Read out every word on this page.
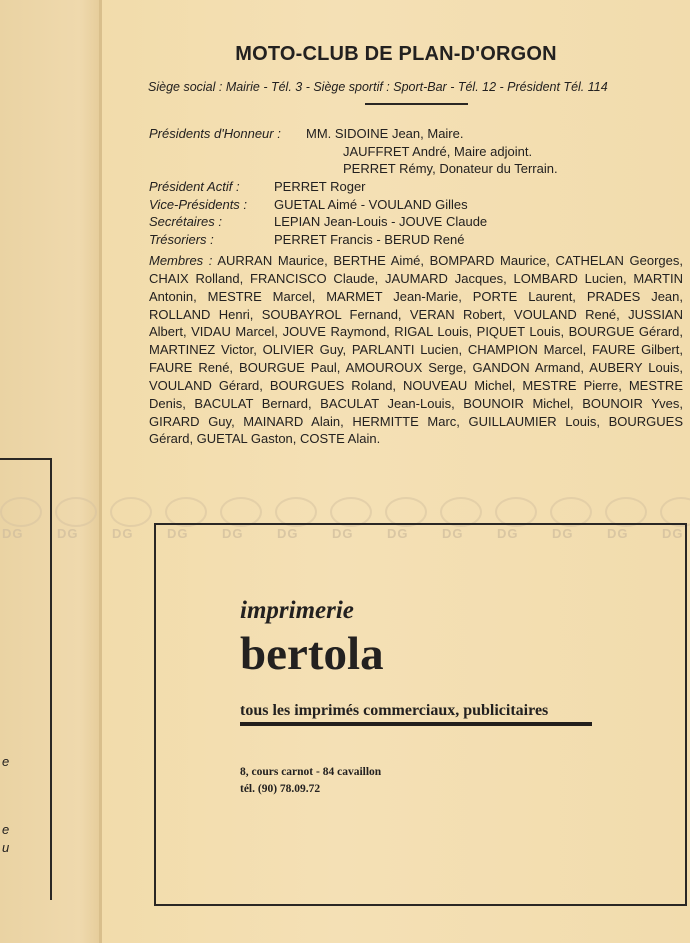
e
e
u
MOTO-CLUB DE PLAN-D'ORGON
Siège social : Mairie - Tél. 3 - Siège sportif : Sport-Bar - Tél. 12 - Président Tél. 114
Présidents d'Honneur : MM. SIDOINE Jean, Maire.
JAUFFRET André, Maire adjoint.
PERRET Rémy, Donateur du Terrain.
Président Actif :	PERRET Roger
Vice-Présidents : GUETAL Aimé - VOULAND Gilles
Secrétaires :	LEPIAN Jean-Louis - JOUVE Claude
Trésoriers :	PERRET Francis - BERUD René
Membres : AURRAN Maurice, BERTHE Aimé, BOMPARD Maurice, CATHELAN Georges, CHAIX Rolland, FRANCISCO Claude, JAUMARD Jacques, LOMBARD Lucien, MARTIN Antonin, MESTRE Marcel, MARMET Jean-Marie, PORTE Laurent, PRADES Jean, ROLLAND Henri, SOUBAYROL Fernand, VERAN Robert, VOULAND René, JUSSIAN Albert, VIDAU Marcel, JOUVE Raymond, RIGAL Louis, PIQUET Louis, BOURGUE Gérard, MARTINEZ Victor, OLIVIER Guy, PARLANTI Lucien, CHAMPION Marcel, FAURE Gilbert, FAURE René, BOURGUE Paul, AMOUROUX Serge, GANDON Armand, AUBERY Louis, VOULAND Gérard, BOURGUES Roland, NOUVEAU Michel, MESTRE Pierre, MESTRE Denis, BACULAT Bernard, BACULAT Jean-Louis, BOUNOIR Michel, BOUNOIR Yves, GIRARD Guy, MAINARD Alain, HERMITTE Marc, GUILLAUMIER Louis, BOURGUES Gérard, GUETAL Gaston, COSTE Alain.
DG	DG	DG	DG	DG	DG	DG	DG	DG	DG	DG	DG	DG
imprimerie
bertola
tous les imprimés commerciaux, publicitaires
8, cours carnot - 84 cavaillon
tél. (90) 78.09.72
